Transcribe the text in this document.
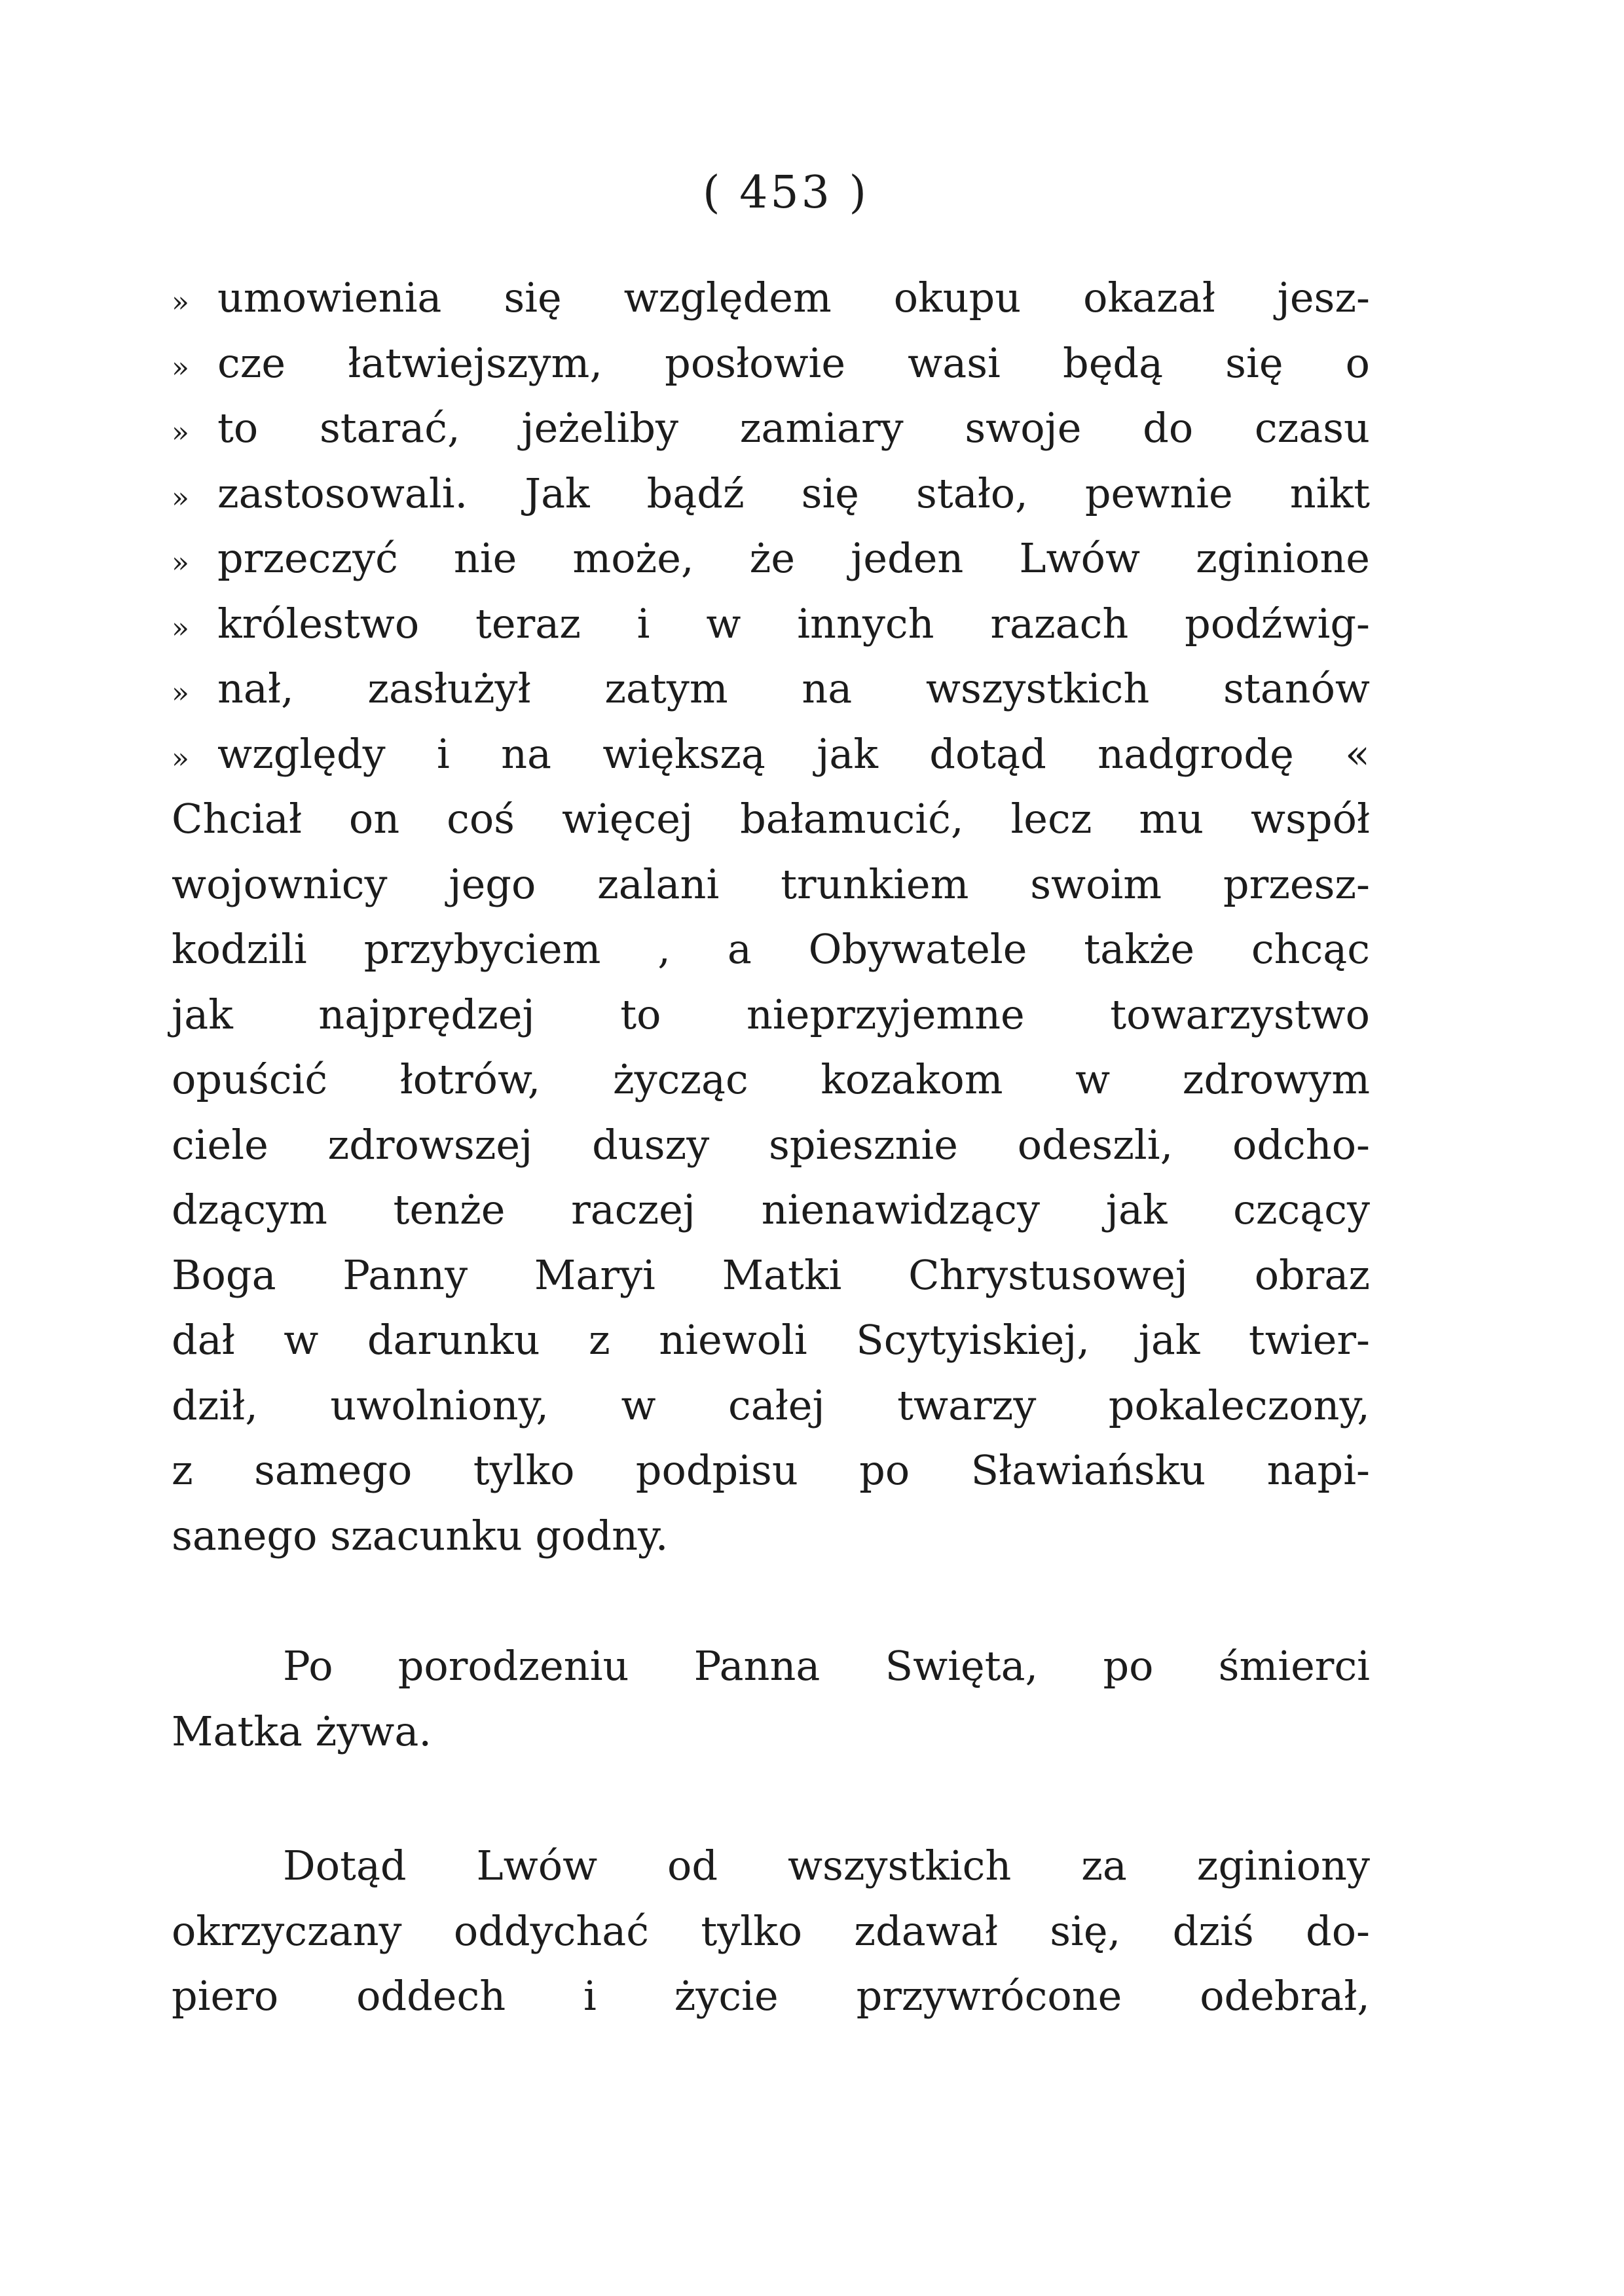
( 453 )
» umowienia się względem okupu okazał jesz-
» cze łatwiejszym, posłowie wasi będą się o
» to starać, jeżeliby zamiary swoje do czasu
» zastosowali. Jak bądź się stało, pewnie nikt
» przeczyć nie może, że jeden Lwów zginione
» królestwo teraz i w innych razach podźwig-
» nał, zasłużył zatym na wszystkich stanów
» względy i na większą jak dotąd nadgrodę «
Chciał on coś więcej bałamucić, lecz mu współ
wojownicy jego zalani trunkiem swoim przesz-
kodzili przybyciem , a Obywatele także chcąc
jak najprędzej to nieprzyjemne towarzystwo
opuścić łotrów, życząc kozakom w zdrowym
ciele zdrowszej duszy spiesznie odeszli, odcho-
dzącym tenże raczej nienawidzący jak czcący
Boga Panny Maryi Matki Chrystusowej obraz
dał w darunku z niewoli Scytyiskiej, jak twier-
dził, uwolniony, w całej twarzy pokaleczony,
z samego tylko podpisu po Sławiańsku napi-
sanego szacunku godny.
Po porodzeniu Panna Swięta, po śmierci
Matka żywa.
Dotąd Lwów od wszystkich za zginiony
okrzyczany oddychać tylko zdawał się, dziś do-
piero oddech i życie przywrócone odebrał,
